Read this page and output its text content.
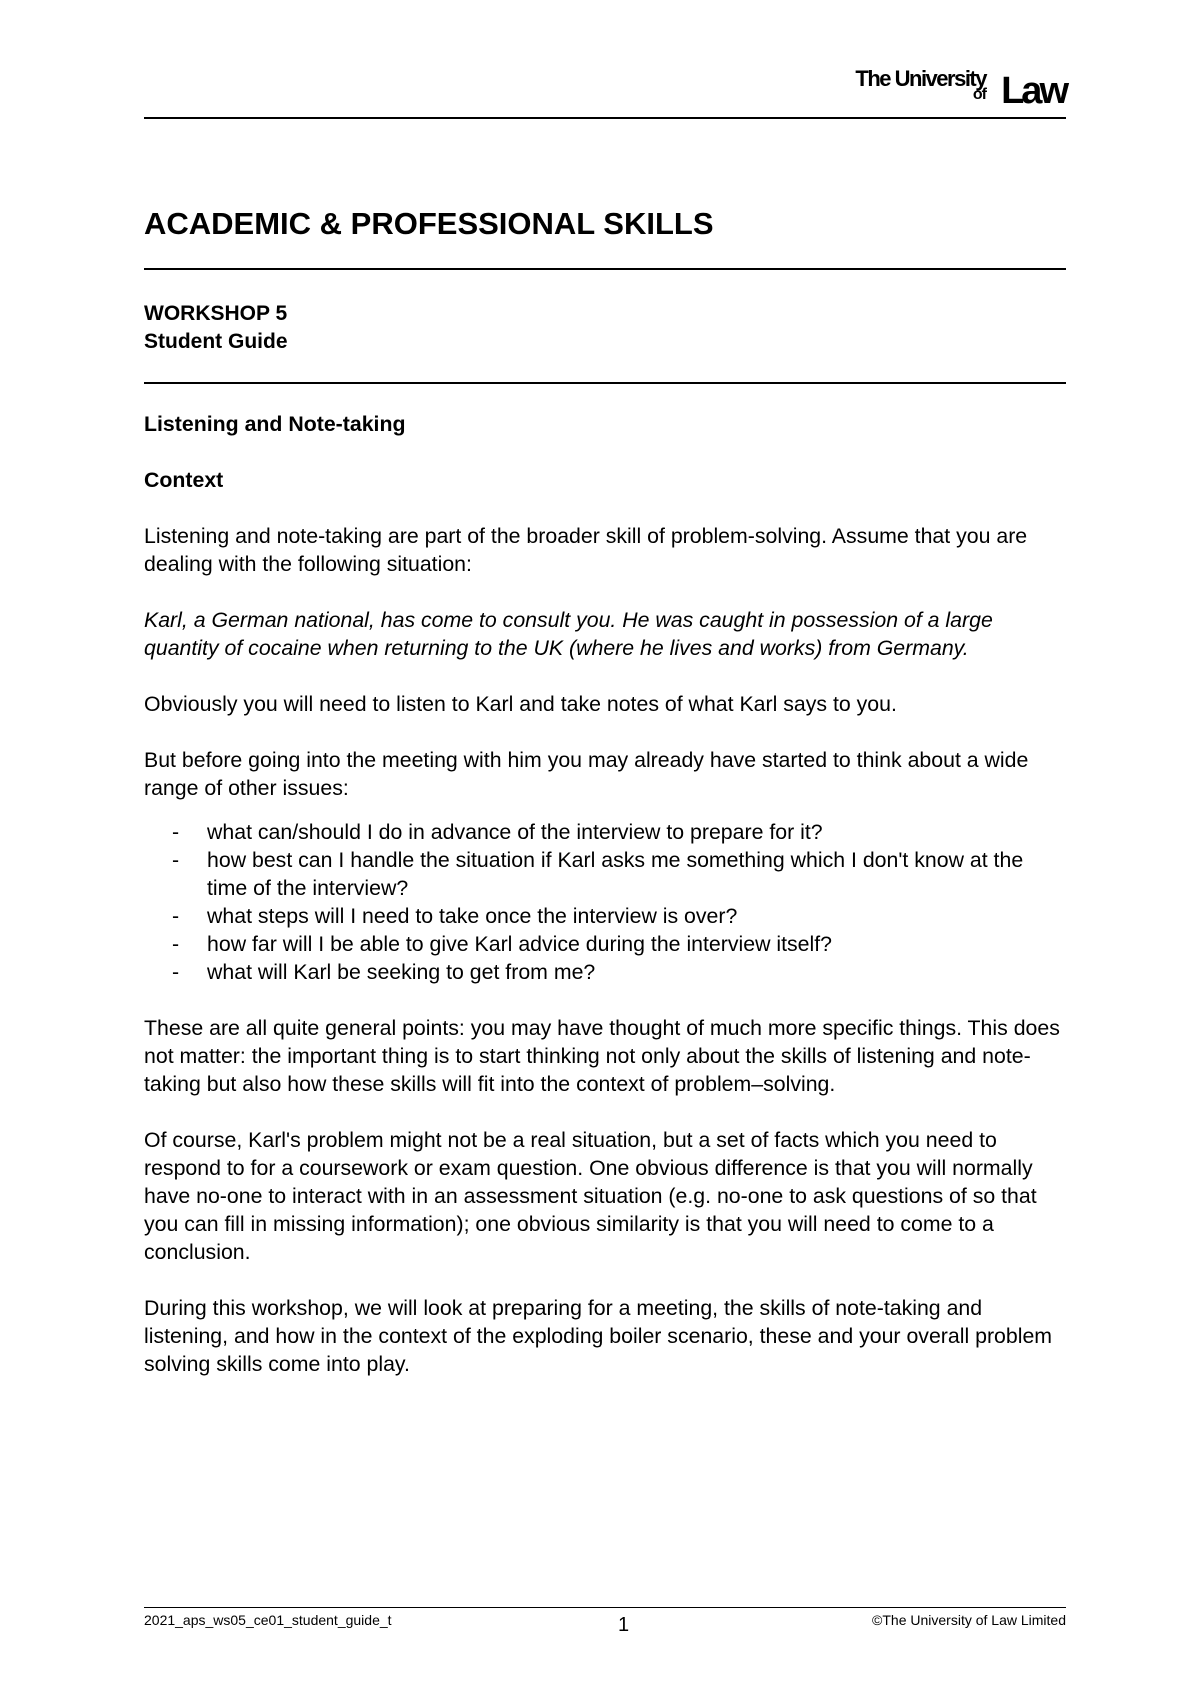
The University
of Law
ACADEMIC & PROFESSIONAL SKILLS
WORKSHOP 5
Student Guide

Listening and Note-taking

Context

Listening and note-taking are part of the broader skill of problem-solving. Assume that you are dealing with the following situation:

Karl, a German national, has come to consult you. He was caught in possession of a large quantity of cocaine when returning to the UK (where he lives and works) from Germany.

Obviously you will need to listen to Karl and take notes of what Karl says to you.

But before going into the meeting with him you may already have started to think about a wide range of other issues:

- what can/should I do in advance of the interview to prepare for it?
- how best can I handle the situation if Karl asks me something which I don't know at the time of the interview?
- what steps will I need to take once the interview is over?
- how far will I be able to give Karl advice during the interview itself?
- what will Karl be seeking to get from me?

These are all quite general points: you may have thought of much more specific things. This does not matter: the important thing is to start thinking not only about the skills of listening and note-taking but also how these skills will fit into the context of problem–solving.

Of course, Karl's problem might not be a real situation, but a set of facts which you need to respond to for a coursework or exam question. One obvious difference is that you will normally have no-one to interact with in an assessment situation (e.g. no-one to ask questions of so that you can fill in missing information); one obvious similarity is that you will need to come to a conclusion.

During this workshop, we will look at preparing for a meeting, the skills of note-taking and listening, and how in the context of the exploding boiler scenario, these and your overall problem solving skills come into play.

2021_aps_ws05_ce01_student_guide_t	1	©The University of Law Limited
